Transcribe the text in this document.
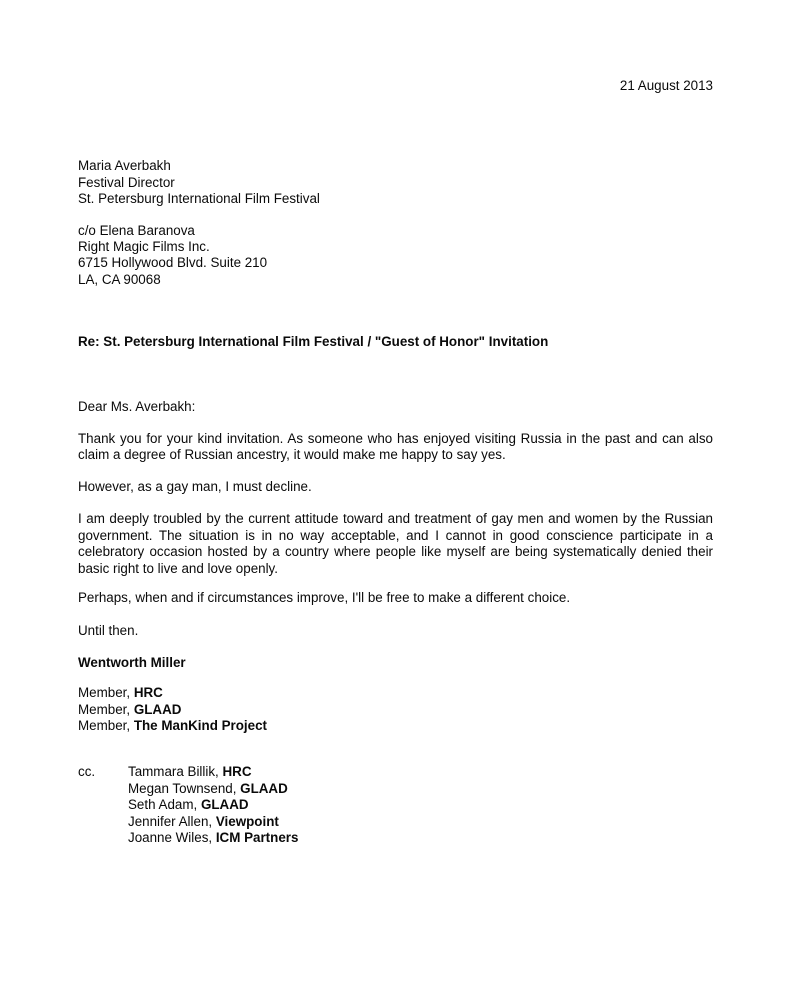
21 August 2013
Maria Averbakh
Festival Director
St. Petersburg International Film Festival
c/o Elena Baranova
Right Magic Films Inc.
6715 Hollywood Blvd. Suite 210
LA, CA 90068
Re: St. Petersburg International Film Festival / "Guest of Honor" Invitation
Dear Ms. Averbakh:

Thank you for your kind invitation. As someone who has enjoyed visiting Russia in the past and can also claim a degree of Russian ancestry, it would make me happy to say yes.

However, as a gay man, I must decline.

I am deeply troubled by the current attitude toward and treatment of gay men and women by the Russian government. The situation is in no way acceptable, and I cannot in good conscience participate in a celebratory occasion hosted by a country where people like myself are being systematically denied their basic right to live and love openly.

Perhaps, when and if circumstances improve, I'll be free to make a different choice.

Until then.

Wentworth Miller
Member, HRC
Member, GLAAD
Member, The ManKind Project
cc.	Tammara Billik, HRC
Megan Townsend, GLAAD
Seth Adam, GLAAD
Jennifer Allen, Viewpoint
Joanne Wiles, ICM Partners
